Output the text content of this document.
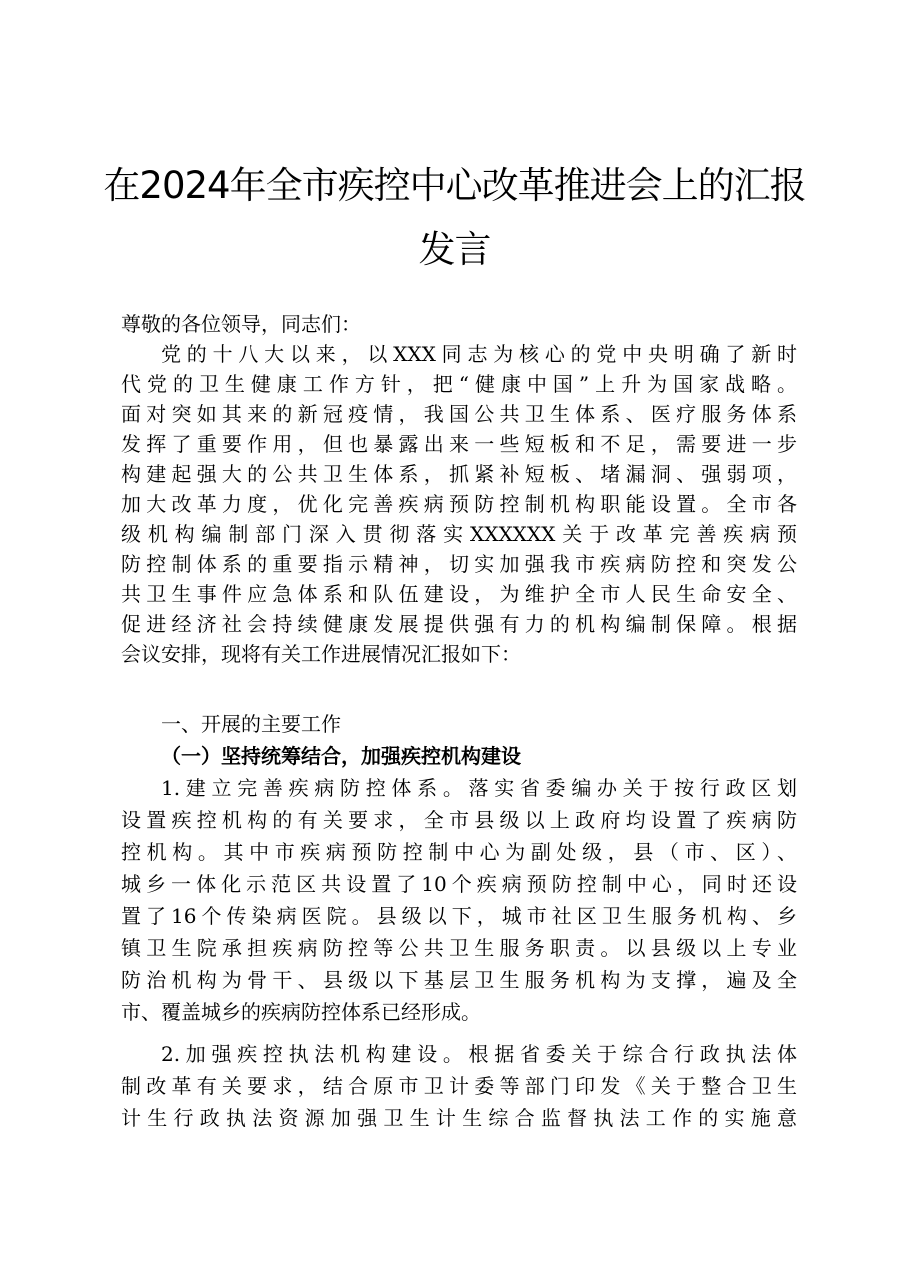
在2024年全市疾控中心改革推进会上的汇报
发言
尊敬的各位领导，同志们：
党的十八大以来，以XXX同志为核心的党中央明确了新时
代党的卫生健康工作方针，把“健康中国”上升为国家战略。
面对突如其来的新冠疫情，我国公共卫生体系、医疗服务体系
发挥了重要作用，但也暴露出来一些短板和不足，需要进一步
构建起强大的公共卫生体系，抓紧补短板、堵漏洞、强弱项，
加大改革力度，优化完善疾病预防控制机构职能设置。全市各
级机构编制部门深入贯彻落实XXXXXX关于改革完善疾病预
防控制体系的重要指示精神，切实加强我市疾病防控和突发公
共卫生事件应急体系和队伍建设，为维护全市人民生命安全、
促进经济社会持续健康发展提供强有力的机构编制保障。根据
会议安排，现将有关工作进展情况汇报如下：
一、开展的主要工作
（一）坚持统筹结合，加强疾控机构建设
1.建立完善疾病防控体系。落实省委编办关于按行政区划
设置疾控机构的有关要求，全市县级以上政府均设置了疾病防
控机构。其中市疾病预防控制中心为副处级，县（市、区）、
城乡一体化示范区共设置了10个疾病预防控制中心，同时还设
置了16个传染病医院。县级以下，城市社区卫生服务机构、乡
镇卫生院承担疾病防控等公共卫生服务职责。以县级以上专业
防治机构为骨干、县级以下基层卫生服务机构为支撑，遍及全
市、覆盖城乡的疾病防控体系已经形成。
2.加强疾控执法机构建设。根据省委关于综合行政执法体
制改革有关要求，结合原市卫计委等部门印发《关于整合卫生
计生行政执法资源加强卫生计生综合监督执法工作的实施意
